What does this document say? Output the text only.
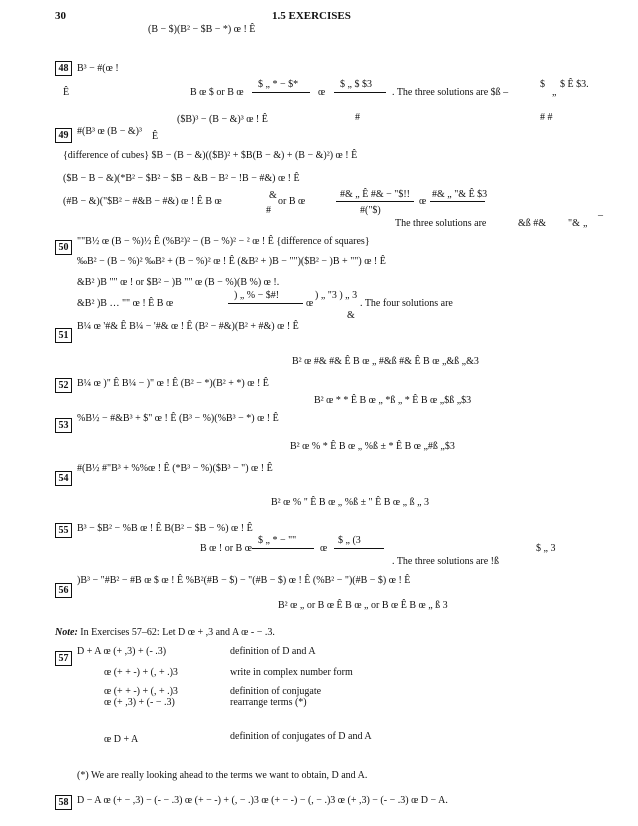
30	1.5 EXERCISES
48
(B − $)(B² − $B − *) œ ! Ê
B³ − #(œ !
Ê	B œ $ or B œ
$ „ * − $*
œ
$ „ $ $3
. The three solutions are $ß –
$
„
$ Ê $3.
49
($B)³ − (B − &)³ œ ! Ê	#	# #
#(B³ œ (B − &)³ Ê
{difference of cubes} $B − (B − &)(($B)² + $B(B − &) + (B − &)²) œ ! Ê
($B − B − &)(*B² − $B² − $B − &B − B² − !B − #&) œ ! Ê
(#B − &)("$B² − #&B − #&) œ ! Ê B œ
&
#
or B œ
#& „ Ê #& − "$!!
#("$)
œ
#& „ "& Ê $3
The three solutions are	&ß #&
–
"& „
50
""B½ œ (B − %)½ Ê (%B²)² − (B − %)² − ² œ ! Ê {difference of squares}
‰B² − (B − %)² ‰B² + (B − %)² œ ! Ê (&B² + )B − "")($B² − )B + "") œ ! Ê
&B² )B "" œ ! or $B² − )B "" œ (B − %)(B %) œ !.
&B² )B … "" œ ! Ê B œ
) „ % − $#!
œ
) „ "3 ) „ 3
&
. The four solutions are
51
B¼ œ '#& Ê B¼ − '#& œ ! Ê (B² − #&)(B² + #&) œ ! Ê
B² œ #& #& Ê B œ „ #&ß #& Ê B œ „&ß „&3
52 B¼ œ )" Ê B¼ − )" œ ! Ê (B² − *)(B² + *) œ ! Ê
B² œ * * Ê B œ „ *ß „ * Ê B œ „$ß „$3
53
%B½ − #&B³ + $" œ ! Ê (B³ − %)(%B³ − *) œ ! Ê
B² œ % * Ê B œ „ %ß ± * Ê B œ „#ß „$3
54
#(B½ #"B³ + %%œ ! Ê (*B³ − %)($B³ − ") œ ! Ê
B² œ % " Ê B œ „ %ß ± " Ê B œ „ ß „ 3
55 B³ − $B² − %B œ ! Ê B(B² − $B − %) œ ! Ê
B œ ! or B œ
$ „ * − ""
œ
$ „ (3
. The three solutions are !ß
$ „ 3
56
)B³ − "#B² − #B œ $ œ ! Ê %B²(#B − $) − "(#B − $) œ ! Ê (%B² − ")(#B − $) œ ! Ê
B² œ „ or B œ Ê B œ „ or B œ Ê B œ „ ß 3
Note: In Exercises 57–62: Let D œ + ,3 and A œ - − .3.
57
D + A œ (+ ,3) + (- .3)	definition of D and A
œ (+ + -) + (, + .)3	write in complex number form
œ (+ + -) + (, + .)3	definition of conjugate
œ (+ ,3) + (- − .3)	rearrange terms (*)
œ D + A	definition of conjugates of D and A
(*) We are really looking ahead to the terms we want to obtain, D and A.
58 D − A œ (+ − ,3) − (- − .3) œ (+ − -) + (, − .)3 œ (+ − -) − (, − .)3 œ (+ ,3) − (- − .3) œ D − A.
